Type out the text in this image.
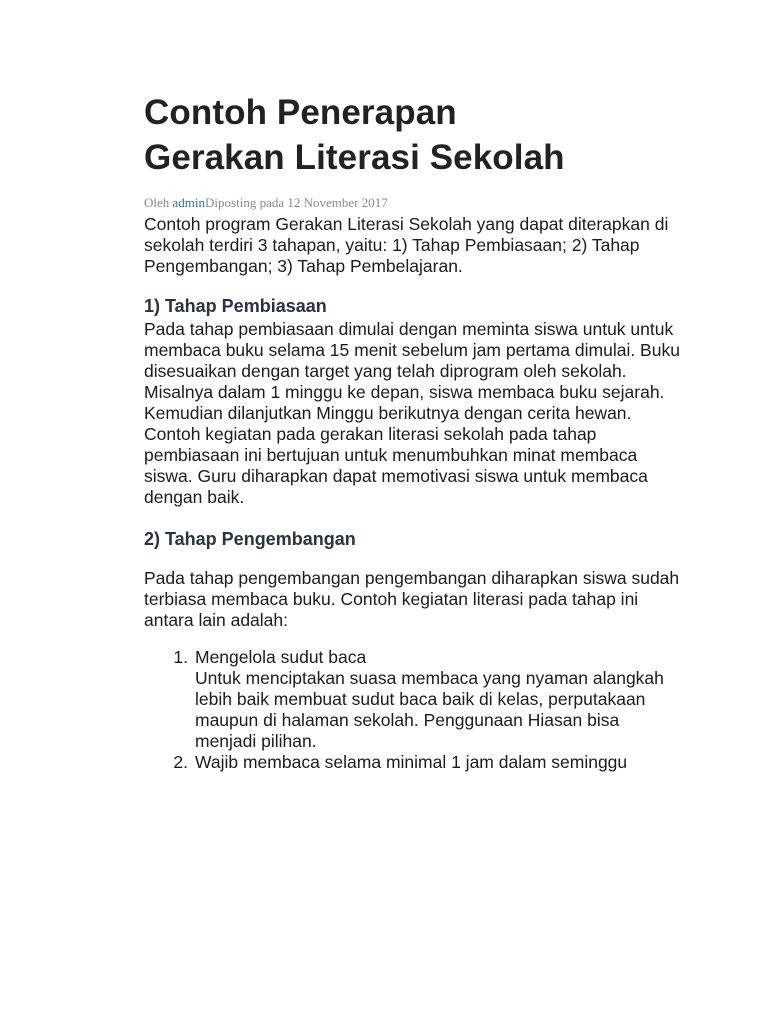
Contoh Penerapan
Gerakan Literasi Sekolah
Oleh adminDiposting pada 12 November 2017

Contoh program Gerakan Literasi Sekolah yang dapat diterapkan di sekolah terdiri 3 tahapan, yaitu: 1) Tahap Pembiasaan; 2) Tahap Pengembangan; 3) Tahap Pembelajaran.

1) Tahap Pembiasaan

Pada tahap pembiasaan dimulai dengan meminta siswa untuk untuk membaca buku selama 15 menit sebelum jam pertama dimulai. Buku disesuaikan dengan target yang telah diprogram oleh sekolah. Misalnya dalam 1 minggu ke depan, siswa membaca buku sejarah. Kemudian dilanjutkan Minggu berikutnya dengan cerita hewan. Contoh kegiatan pada gerakan literasi sekolah pada tahap pembiasaan ini bertujuan untuk menumbuhkan minat membaca siswa. Guru diharapkan dapat memotivasi siswa untuk membaca dengan baik.

2) Tahap Pengembangan

Pada tahap pengembangan pengembangan diharapkan siswa sudah terbiasa membaca buku. Contoh kegiatan literasi pada tahap ini antara lain adalah:

1. Mengelola sudut baca
Untuk menciptakan suasa membaca yang nyaman alangkah lebih baik membuat sudut baca baik di kelas, perputakaan maupun di halaman sekolah. Penggunaan Hiasan bisa menjadi pilihan.
2. Wajib membaca selama minimal 1 jam dalam seminggu
